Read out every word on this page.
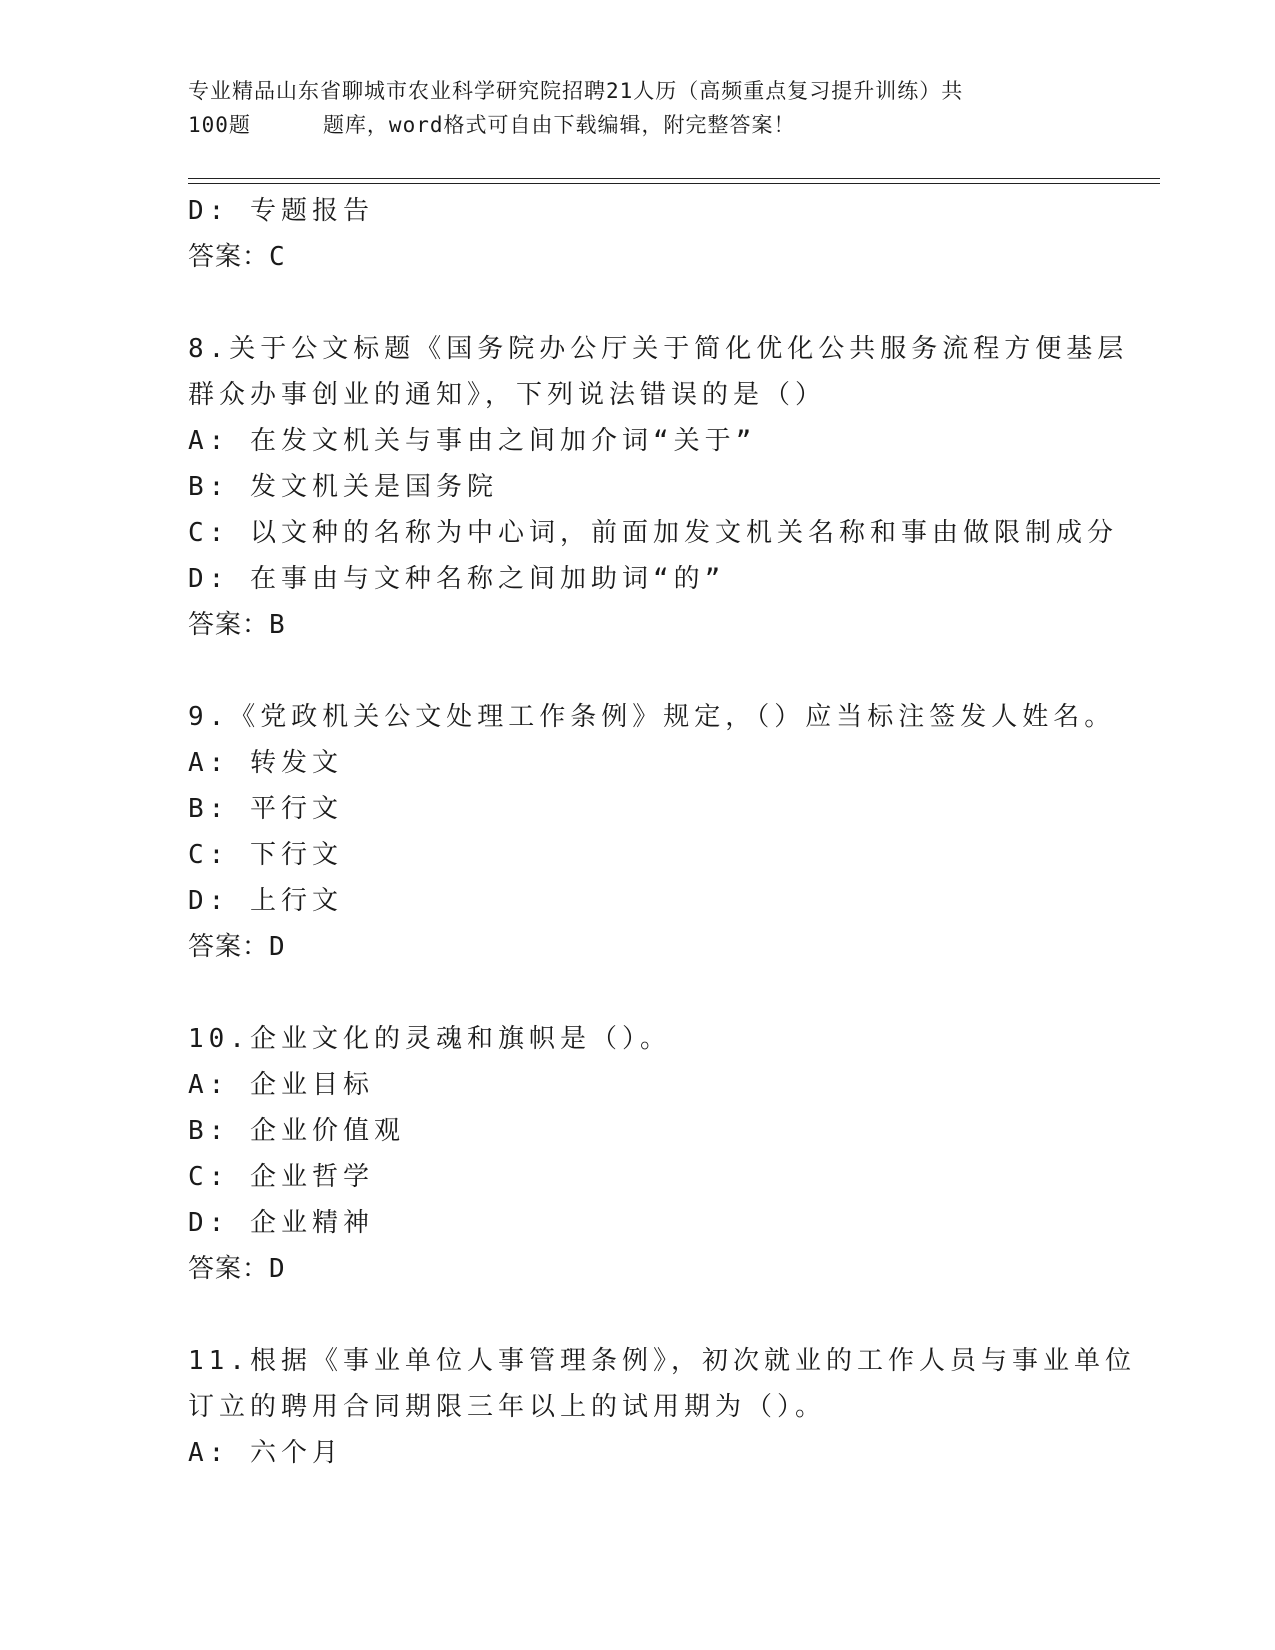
专业精品山东省聊城市农业科学研究院招聘21人历（高频重点复习提升训练）共
100题	题库，word格式可自由下载编辑，附完整答案！
D: 专题报告
答案：C
8.关于公文标题《国务院办公厅关于简化优化公共服务流程方便基层
群众办事创业的通知》，下列说法错误的是（）
A: 在发文机关与事由之间加介词“关于”
B: 发文机关是国务院
C: 以文种的名称为中心词，前面加发文机关名称和事由做限制成分
D: 在事由与文种名称之间加助词“的”
答案：B
9.《党政机关公文处理工作条例》规定，（）应当标注签发人姓名。
A: 转发文
B: 平行文
C: 下行文
D: 上行文
答案：D
10.企业文化的灵魂和旗帜是（）。
A: 企业目标
B: 企业价值观
C: 企业哲学
D: 企业精神
答案：D
11.根据《事业单位人事管理条例》，初次就业的工作人员与事业单位
订立的聘用合同期限三年以上的试用期为（）。
A: 六个月
